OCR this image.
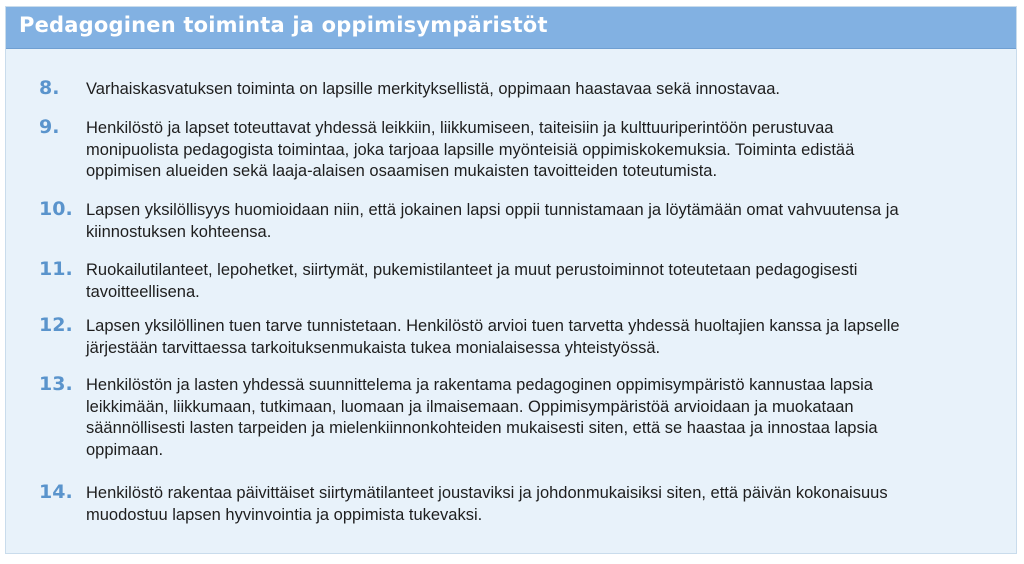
Pedagoginen toiminta ja oppimisympäristöt
8.	Varhaiskasvatuksen toiminta on lapsille merkityksellistä, oppimaan haastavaa sekä innostavaa.
9.	Henkilöstö ja lapset toteuttavat yhdessä leikkiin, liikkumiseen, taiteisiin ja kulttuuriperintöön perustuvaa
monipuolista pedagogista toimintaa, joka tarjoaa lapsille myönteisiä oppimiskokemuksia. Toiminta edistää
oppimisen alueiden sekä laaja-alaisen osaamisen mukaisten tavoitteiden toteutumista.
10. Lapsen yksilöllisyys huomioidaan niin, että jokainen lapsi oppii tunnistamaan ja löytämään omat vahvuutensa ja
kiinnostuksen kohteensa.
11. Ruokailutilanteet, lepohetket, siirtymät, pukemistilanteet ja muut perustoiminnot toteutetaan pedagogisesti
tavoitteellisena.
12. Lapsen yksilöllinen tuen tarve tunnistetaan. Henkilöstö arvioi tuen tarvetta yhdessä huoltajien kanssa ja lapselle
järjestään tarvittaessa tarkoituksenmukaista tukea monialaisessa yhteistyössä.
13. Henkilöstön ja lasten yhdessä suunnittelema ja rakentama pedagoginen oppimisympäristö kannustaa lapsia
leikkimään, liikkumaan, tutkimaan, luomaan ja ilmaisemaan. Oppimisympäristöä arvioidaan ja muokataan
säännöllisesti lasten tarpeiden ja mielenkiinnonkohteiden mukaisesti siten, että se haastaa ja innostaa lapsia
oppimaan.
14. Henkilöstö rakentaa päivittäiset siirtymätilanteet joustaviksi ja johdonmukaisiksi siten, että päivän kokonaisuus
muodostuu lapsen hyvinvointia ja oppimista tukevaksi.
